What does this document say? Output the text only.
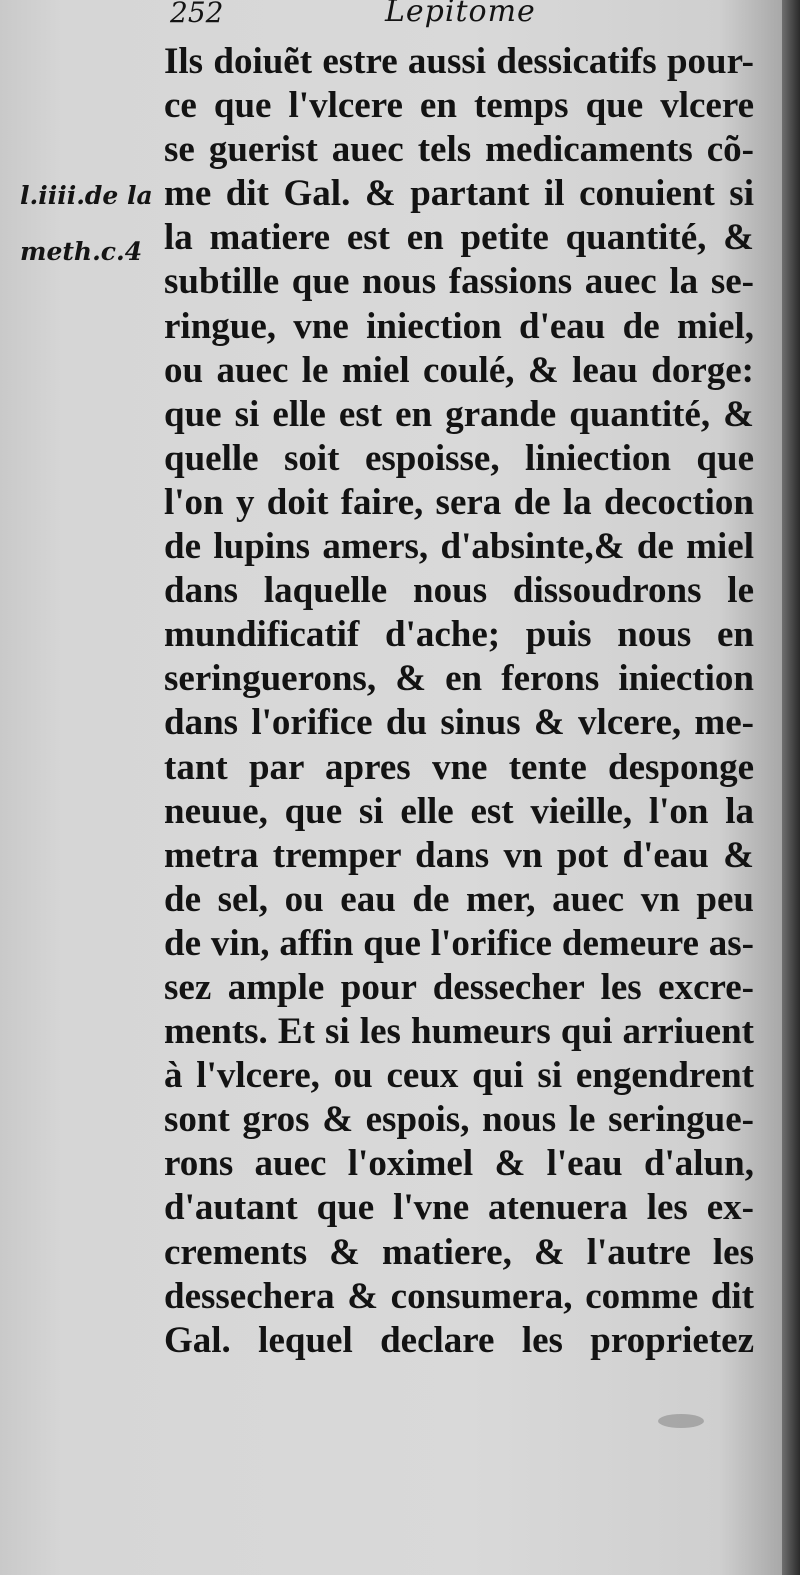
252	Lepitome
l.iiii.de la
meth.c.4
Ils doiuẽt estre aussi dessicatifs pour-
ce que l'vlcere en temps que vlcere
se guerist auec tels medicaments cõ-
me dit Gal. & partant il conuient si
la matiere est en petite quantité, &
subtille que nous fassions auec la se-
ringue, vne iniection d'eau de miel,
ou auec le miel coulé, & leau dorge:
que si elle est en grande quantité, &
quelle soit espoisse, liniection que
l'on y doit faire, sera de la decoction
de lupins amers, d'absinte,& de miel
dans laquelle nous dissoudrons le
mundificatif d'ache; puis nous en
seringuerons, & en ferons iniection
dans l'orifice du sinus & vlcere, me-
tant par apres vne tente desponge
neuue, que si elle est vieille, l'on la
metra tremper dans vn pot d'eau &
de sel, ou eau de mer, auec vn peu
de vin, affin que l'orifice demeure as-
sez ample pour dessecher les excre-
ments. Et si les humeurs qui arriuent
à l'vlcere, ou ceux qui si engendrent
sont gros & espois, nous le seringue-
rons auec l'oximel & l'eau d'alun,
d'autant que l'vne atenuera les ex-
crements & matiere, & l'autre les
dessechera & consumera, comme dit
Gal. lequel declare les proprietez
